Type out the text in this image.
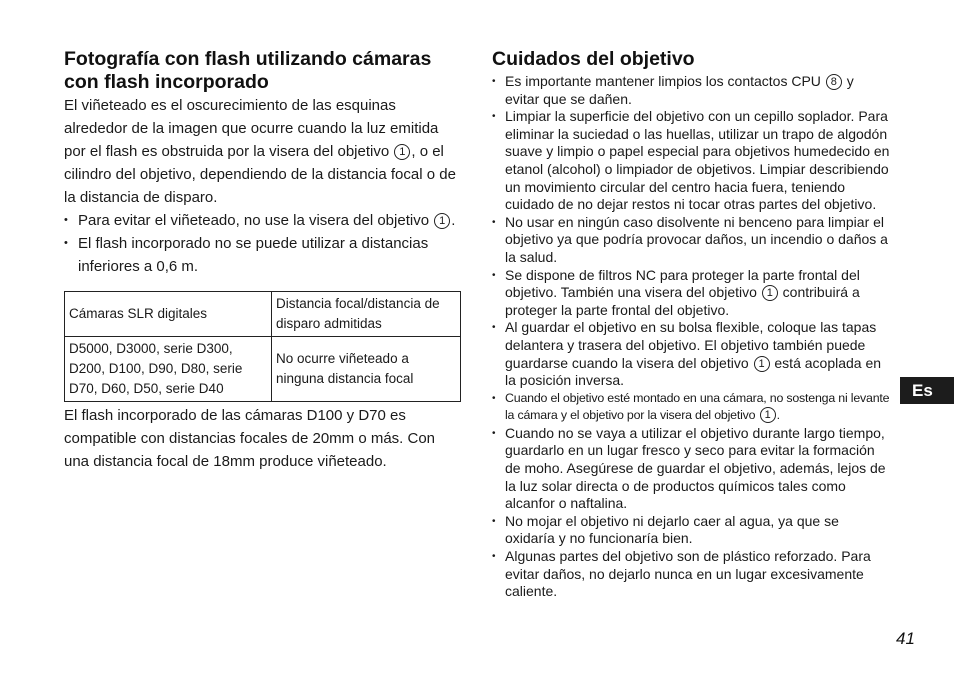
Fotografía con flash utilizando cámaras con flash incorporado

El viñeteado es el oscurecimiento de las esquinas alrededor de la imagen que ocurre cuando la luz emitida por el flash es obstruida por la visera del objetivo 1 , o el cilindro del objetivo, dependiendo de la distancia focal o de la distancia de disparo.

• Para evitar el viñeteado, no use la visera del objetivo 1 .
• El flash incorporado no se puede utilizar a distancias inferiores a 0,6 m.
Cámaras SLR digitales	Distancia focal/distancia de disparo admitidas
D5000, D3000, serie D300, D200, D100, D90, D80, serie D70, D60, D50, serie D40	No ocurre viñeteado a ninguna distancia focal

El flash incorporado de las cámaras D100 y D70 es compatible con distancias focales de 20mm o más. Con una distancia focal de 18mm produce viñeteado.

Cuidados del objetivo
• Es importante mantener limpios los contactos CPU 8 y evitar que se dañen.
• Limpiar la superficie del objetivo con un cepillo soplador. Para eliminar la suciedad o las huellas, utilizar un trapo de algodón suave y limpio o papel especial para objetivos humedecido en etanol (alcohol) o limpiador de objetivos. Limpiar describiendo un movimiento circular del centro hacia fuera, teniendo cuidado de no dejar restos ni tocar otras partes del objetivo.
• No usar en ningún caso disolvente ni benceno para limpiar el objetivo ya que podría provocar daños, un incendio o daños a la salud.
• Se dispone de filtros NC para proteger la parte frontal del objetivo. También una visera del objetivo 1 contribuirá a proteger la parte frontal del objetivo.
• Al guardar el objetivo en su bolsa flexible, coloque las tapas delantera y trasera del objetivo. El objetivo también puede guardarse cuando la visera del objetivo 1 está acoplada en la posición inversa.
• Cuando el objetivo esté montado en una cámara, no sostenga ni levante la cámara y el objetivo por la visera del objetivo 1 .
• Cuando no se vaya a utilizar el objetivo durante largo tiempo, guardarlo en un lugar fresco y seco para evitar la formación de moho. Asegúrese de guardar el objetivo, además, lejos de la luz solar directa o de productos químicos tales como alcanfor o naftalina.
• No mojar el objetivo ni dejarlo caer al agua, ya que se oxidaría y no funcionaría bien.
• Algunas partes del objetivo son de plástico reforzado. Para evitar daños, no dejarlo nunca en un lugar excesivamente caliente.
Es
41
